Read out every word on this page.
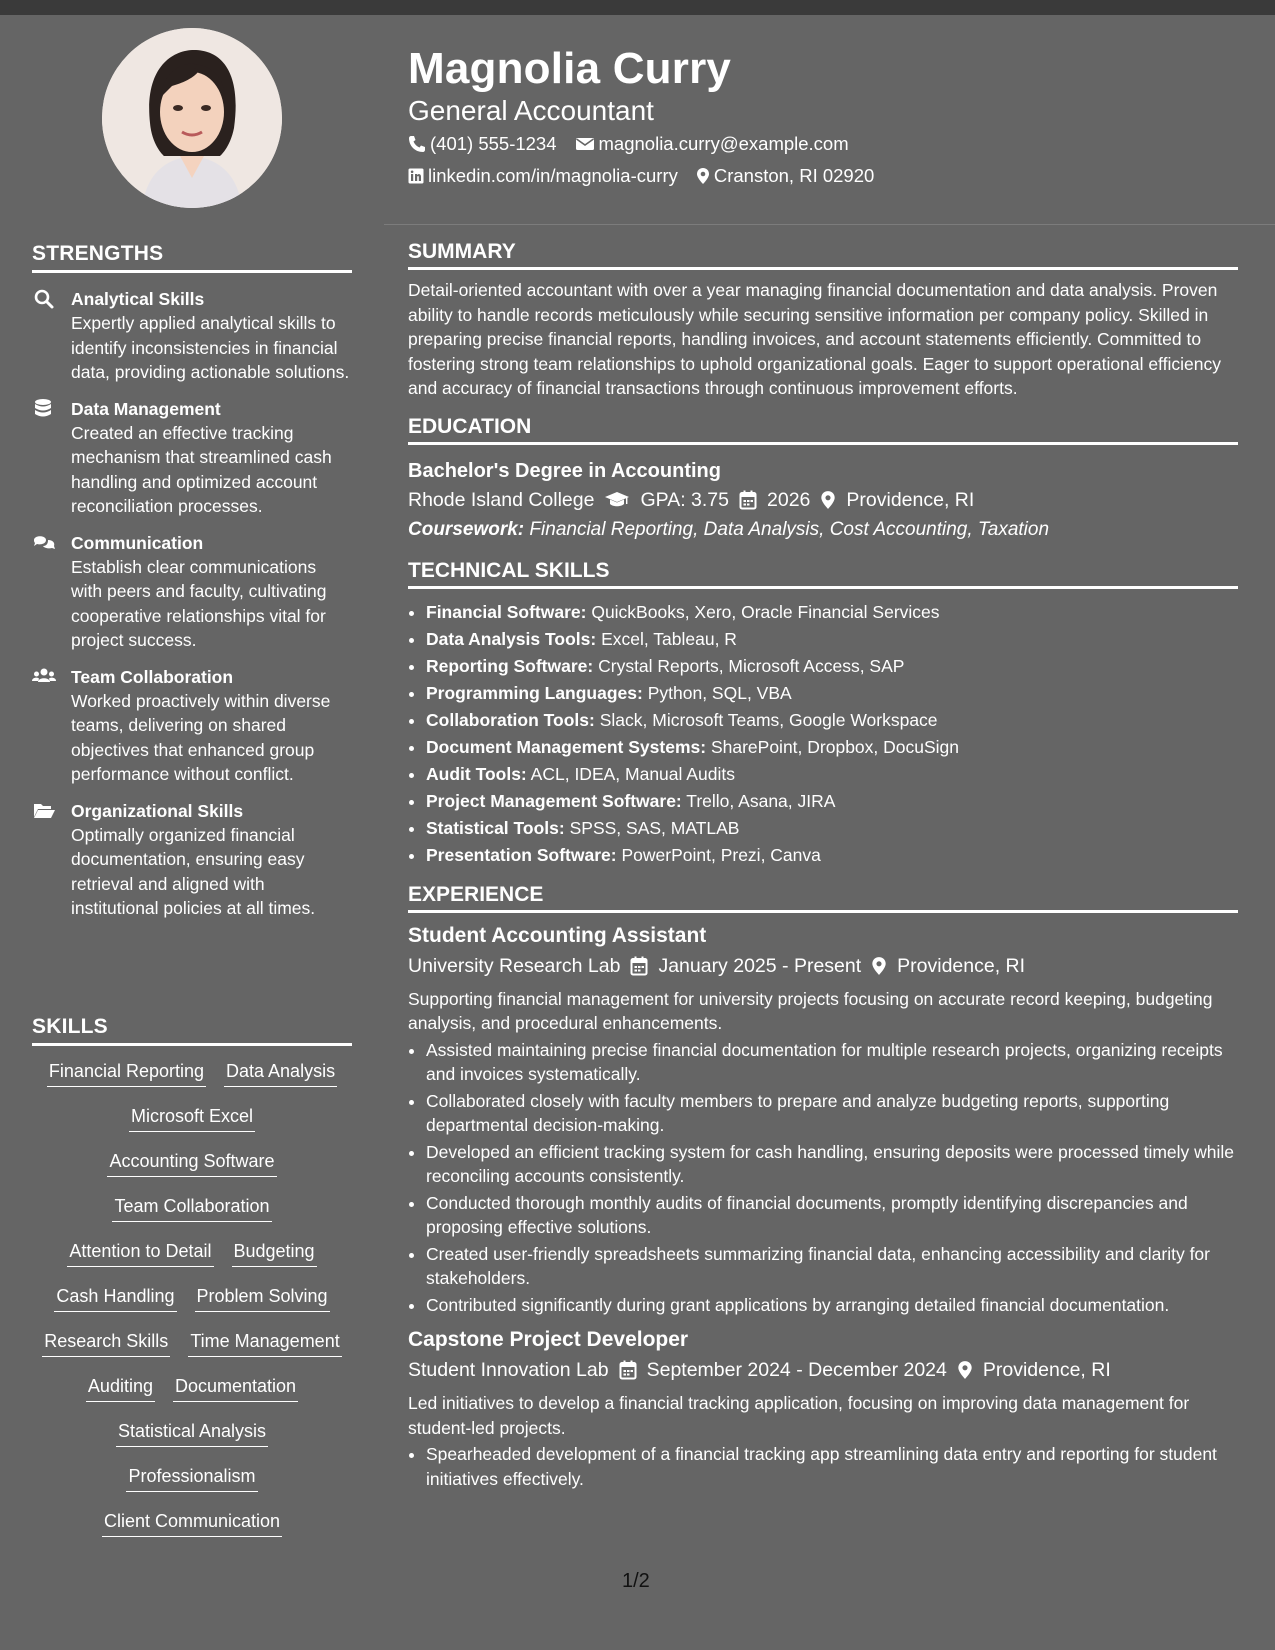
STRENGTHS
Analytical Skills
Expertly applied analytical skills to identify inconsistencies in financial data, providing actionable solutions.
Data Management
Created an effective tracking mechanism that streamlined cash handling and optimized account reconciliation processes.
Communication
Establish clear communications with peers and faculty, cultivating cooperative relationships vital for project success.
Team Collaboration
Worked proactively within diverse teams, delivering on shared objectives that enhanced group performance without conflict.
Organizational Skills
Optimally organized financial documentation, ensuring easy retrieval and aligned with institutional policies at all times.
SKILLS
Financial Reporting Data Analysis
Microsoft Excel
Accounting Software
Team Collaboration
Attention to Detail Budgeting
Cash Handling Problem Solving
Research Skills Time Management
Auditing Documentation
Statistical Analysis
Professionalism
Client Communication
Magnolia Curry
General Accountant
(401) 555-1234 magnolia.curry@example.com
linkedin.com/in/magnolia-curry Cranston, RI 02920
SUMMARY
Detail-oriented accountant with over a year managing financial documentation and data analysis. Proven ability to handle records meticulously while securing sensitive information per company policy. Skilled in preparing precise financial reports, handling invoices, and account statements efficiently. Committed to fostering strong team relationships to uphold organizational goals. Eager to support operational efficiency and accuracy of financial transactions through continuous improvement efforts.
EDUCATION
Bachelor's Degree in Accounting
Rhode Island College GPA: 3.75 2026 Providence, RI
Coursework: Financial Reporting, Data Analysis, Cost Accounting, Taxation
TECHNICAL SKILLS
• Financial Software: QuickBooks, Xero, Oracle Financial Services
• Data Analysis Tools: Excel, Tableau, R
• Reporting Software: Crystal Reports, Microsoft Access, SAP
• Programming Languages: Python, SQL, VBA
• Collaboration Tools: Slack, Microsoft Teams, Google Workspace
• Document Management Systems: SharePoint, Dropbox, DocuSign
• Audit Tools: ACL, IDEA, Manual Audits
• Project Management Software: Trello, Asana, JIRA
• Statistical Tools: SPSS, SAS, MATLAB
• Presentation Software: PowerPoint, Prezi, Canva
EXPERIENCE
Student Accounting Assistant
University Research Lab January 2025 - Present Providence, RI
Supporting financial management for university projects focusing on accurate record keeping, budgeting analysis, and procedural enhancements.
• Assisted maintaining precise financial documentation for multiple research projects, organizing receipts and invoices systematically.
• Collaborated closely with faculty members to prepare and analyze budgeting reports, supporting departmental decision-making.
• Developed an efficient tracking system for cash handling, ensuring deposits were processed timely while reconciling accounts consistently.
• Conducted thorough monthly audits of financial documents, promptly identifying discrepancies and proposing effective solutions.
• Created user-friendly spreadsheets summarizing financial data, enhancing accessibility and clarity for stakeholders.
• Contributed significantly during grant applications by arranging detailed financial documentation.
Capstone Project Developer
Student Innovation Lab September 2024 - December 2024 Providence, RI
Led initiatives to develop a financial tracking application, focusing on improving data management for student-led projects.
• Spearheaded development of a financial tracking app streamlining data entry and reporting for student initiatives effectively.
1/2
